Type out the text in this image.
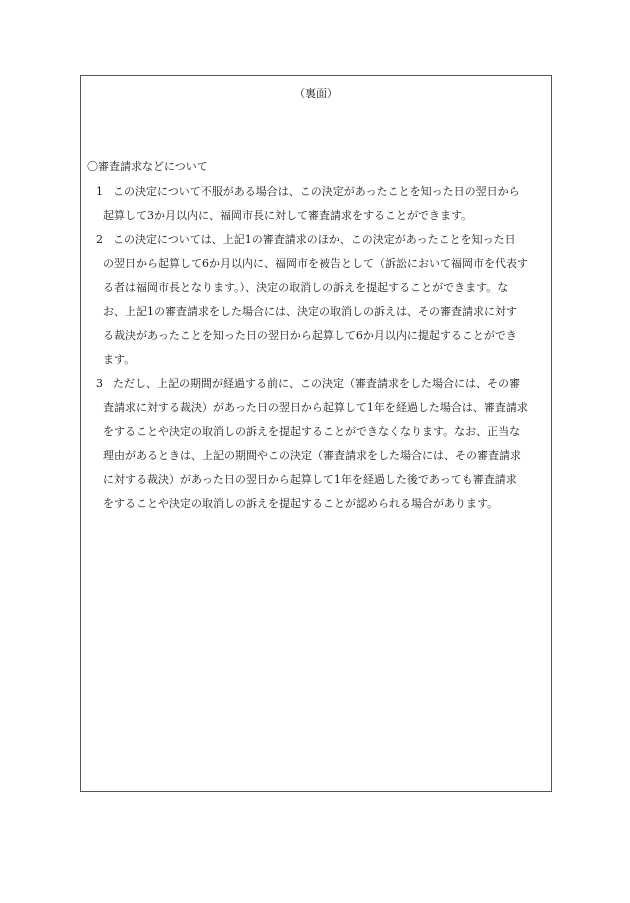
（裏面）
〇審査請求などについて
1 この決定について不服がある場合は、この決定があったことを知った日の翌日から
起算して3か月以内に、福岡市長に対して審査請求をすることができます。
2 この決定については、上記1の審査請求のほか、この決定があったことを知った日
の翌日から起算して6か月以内に、福岡市を被告として（訴訟において福岡市を代表す
る者は福岡市長となります。）、決定の取消しの訴えを提起することができます。な
お、上記1の審査請求をした場合には、決定の取消しの訴えは、その審査請求に対す
る裁決があったことを知った日の翌日から起算して6か月以内に提起することができ
ます。
3 ただし、上記の期間が経過する前に、この決定（審査請求をした場合には、その審
査請求に対する裁決）があった日の翌日から起算して1年を経過した場合は、審査請求
をすることや決定の取消しの訴えを提起することができなくなります。なお、正当な
理由があるときは、上記の期間やこの決定（審査請求をした場合には、その審査請求
に対する裁決）があった日の翌日から起算して1年を経過した後であっても審査請求
をすることや決定の取消しの訴えを提起することが認められる場合があります。
